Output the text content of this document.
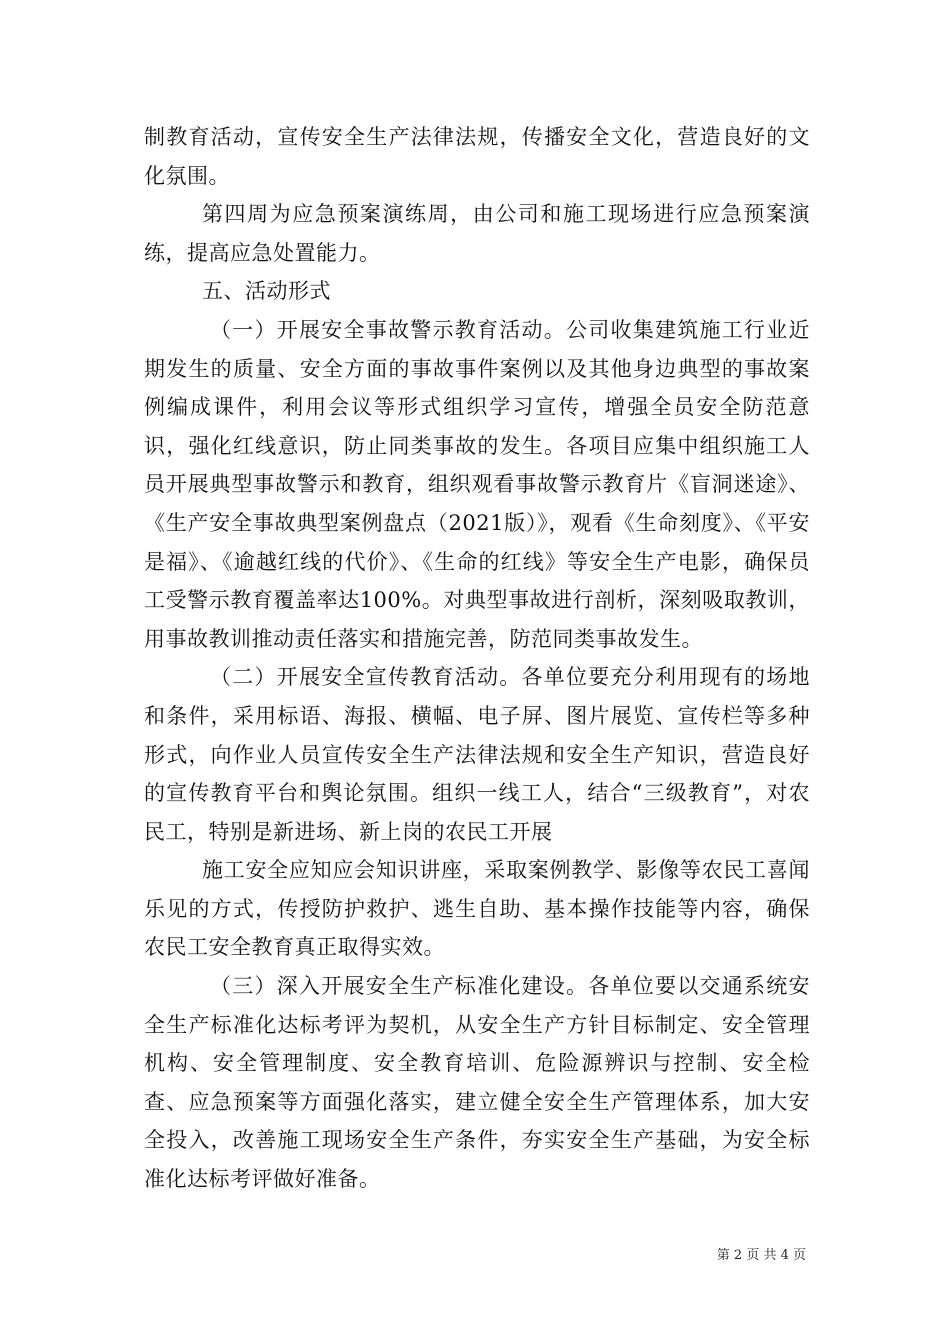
制教育活动，宣传安全生产法律法规，传播安全文化，营造良好的文化氛围。

第四周为应急预案演练周，由公司和施工现场进行应急预案演练，提高应急处置能力。

五、活动形式

（一）开展安全事故警示教育活动。公司收集建筑施工行业近期发生的质量、安全方面的事故事件案例以及其他身边典型的事故案例编成课件，利用会议等形式组织学习宣传，增强全员安全防范意识，强化红线意识，防止同类事故的发生。各项目应集中组织施工人员开展典型事故警示和教育，组织观看事故警示教育片《盲洞迷途》、《生产安全事故典型案例盘点（2021版）》，观看《生命刻度》、《平安是福》、《逾越红线的代价》、《生命的红线》等安全生产电影，确保员工受警示教育覆盖率达100%。对典型事故进行剖析，深刻吸取教训，用事故教训推动责任落实和措施完善，防范同类事故发生。

（二）开展安全宣传教育活动。各单位要充分利用现有的场地和条件，采用标语、海报、横幅、电子屏、图片展览、宣传栏等多种形式，向作业人员宣传安全生产法律法规和安全生产知识，营造良好的宣传教育平台和舆论氛围。组织一线工人，结合“三级教育”，对农民工，特别是新进场、新上岗的农民工开展

施工安全应知应会知识讲座，采取案例教学、影像等农民工喜闻乐见的方式，传授防护救护、逃生自助、基本操作技能等内容，确保农民工安全教育真正取得实效。

（三）深入开展安全生产标准化建设。各单位要以交通系统安全生产标准化达标考评为契机，从安全生产方针目标制定、安全管理机构、安全管理制度、安全教育培训、危险源辨识与控制、安全检查、应急预案等方面强化落实，建立健全安全生产管理体系，加大安全投入，改善施工现场安全生产条件，夯实安全生产基础，为安全标准化达标考评做好准备。

第 2 页 共 4 页
